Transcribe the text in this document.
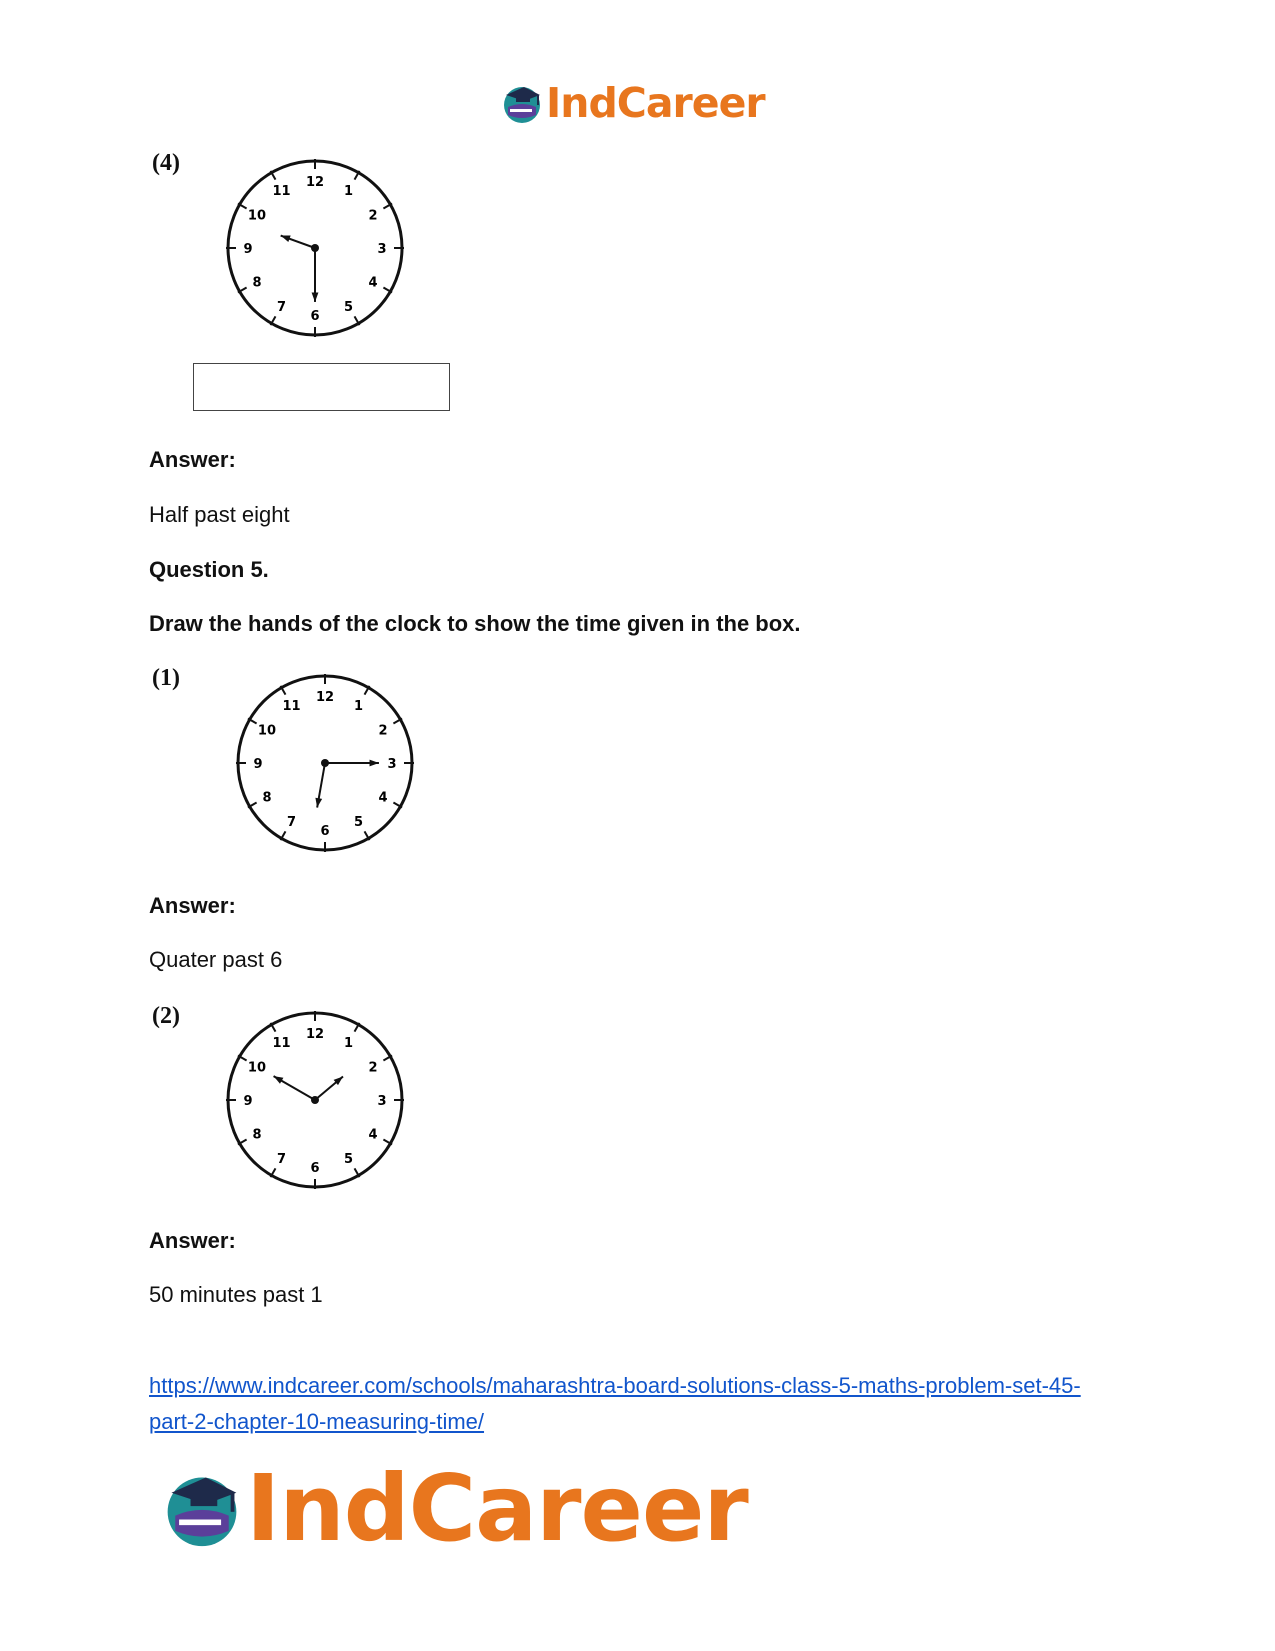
IndCareer
(4)
12
1
2
3
4
5
6
7
8
9
10
11
Answer:
Half past eight
Question 5.
Draw the hands of the clock to show the time given in the box.
(1)
12
1
2
3
4
5
6
7
8
9
10
11
Answer:
Quater past 6
(2)
12
1
2
3
4
5
6
7
8
9
10
11
Answer:
50 minutes past 1
https://www.indcareer.com/schools/maharashtra-board-solutions-class-5-maths-problem-set-45-
part-2-chapter-10-measuring-time/
IndCareer
